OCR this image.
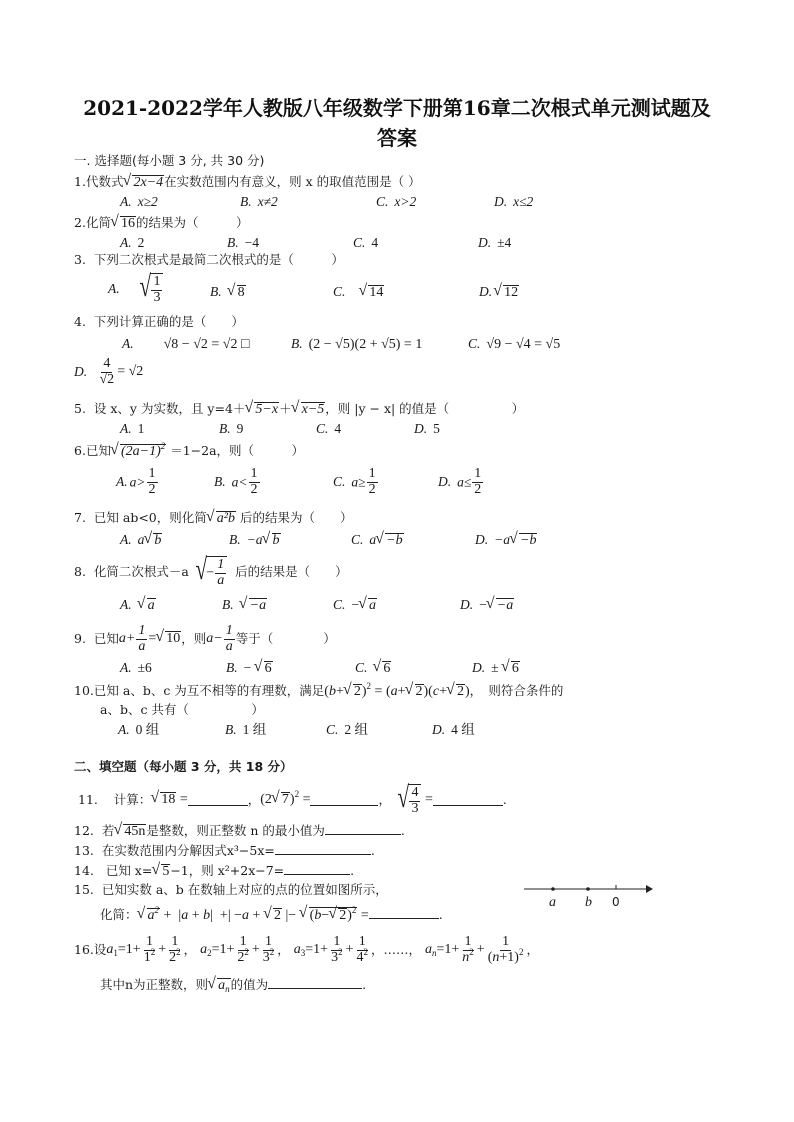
2021-2022学年人教版八年级数学下册第16章二次根式单元测试题及
答案
一. 选择题(每小题 3 分, 共 30 分)
1.代数式 √ 2x−4在实数范围内有意义，则 x 的取值范围是（ ）
A. x≥2	B. x≠2	C. x>2	D. x≤2
2.化简 √ 16的结果为（　　　）
A. 2	B. −4	C. 4	D. ±4
3. 下列二次根式是最简二次根式的是（　　　）
A. √ $\frac{1}{3}$	B. √ 8	C. √ 14	D. √ 12
4. 下列计算正确的是（　　）
A. √8 − √2 = √2 □	B. (2 − √5)(2 + √5) = 1	C. √9 − √4 = √5
D. $\frac{4}{√2} = √2$
5. 设 x、y 为实数，且 y=4＋ √ 5−x＋ √ x−5，则 |y − x| 的值是（　　　　　）
A. 1	B. 9	C. 4	D. 5
6.已知 √ $(2a-1)^2 =1-2a$，则（　　　）
A. $a> \frac{1}{2}$	B. $a< \frac{1}{2}$	C. $a\ge \frac{1}{2}$	D. $a\le \frac{1}{2}$
7. 已知 ab<0，则化简 √ a²b 后的结果为（　　）
A. a √ b	B. −a √ b	C. a √ −b	D. −a √ −b
8. 化简二次根式－a √ − $\frac{1}{a}$ 后的结果是（　　）
A. √ a	B. √ −a	C. − √ a	D. − √ −a
9. 已知$a+ \frac{1}{a}$ = √ 10，则$a- \frac{1}{a}$ 等于（　　　　）
A. ±6	B. − √ 6	C. √ 6	D. ± √ 6
10.已知 a、b、c 为互不相等的有理数，满足(b+ √ 2)$^2$ = (a+ √ 2)(c+ √ 2)，　则符合条件的
a、b、c 共有（　　　　　）
A. 0 组	B. 1 组	C. 2 组	D. 4 组
二、填空题（每小题 3 分，共 18 分）
11. 计算： √ 18 =	，(2 √ 7)$^2$ =	， √ $\frac{4}{3}$ =	.
12. 若 √ 45n是整数，则正整数 n 的最小值为	.
13. 在实数范围内分解因式x³−5x=	.
14. 已知 x= √ 5−1，则 x²+2x−7=	.
15. 已知实数 a、b 在数轴上对应的点的位置如图所示，
化简： √ $a^2 + |a + b|$  +| −a + √ 2 |− √ (b− √ 2)$^2$ =	.
a b 0
16.设$a_1=1+ \frac{1}{1^2} + \frac{1}{2^2}$ ， $a_2=1+ \frac{1}{2^2} + \frac{1}{3^2}$ ， $a_3=1+ \frac{1}{3^2} + \frac{1}{4^2}$ ，……， $a_n=1+ \frac{1}{n^2} + \frac{1}{(n+1)^2}$ ，
其中n为正整数，则 √ $a_n$的值为	.
